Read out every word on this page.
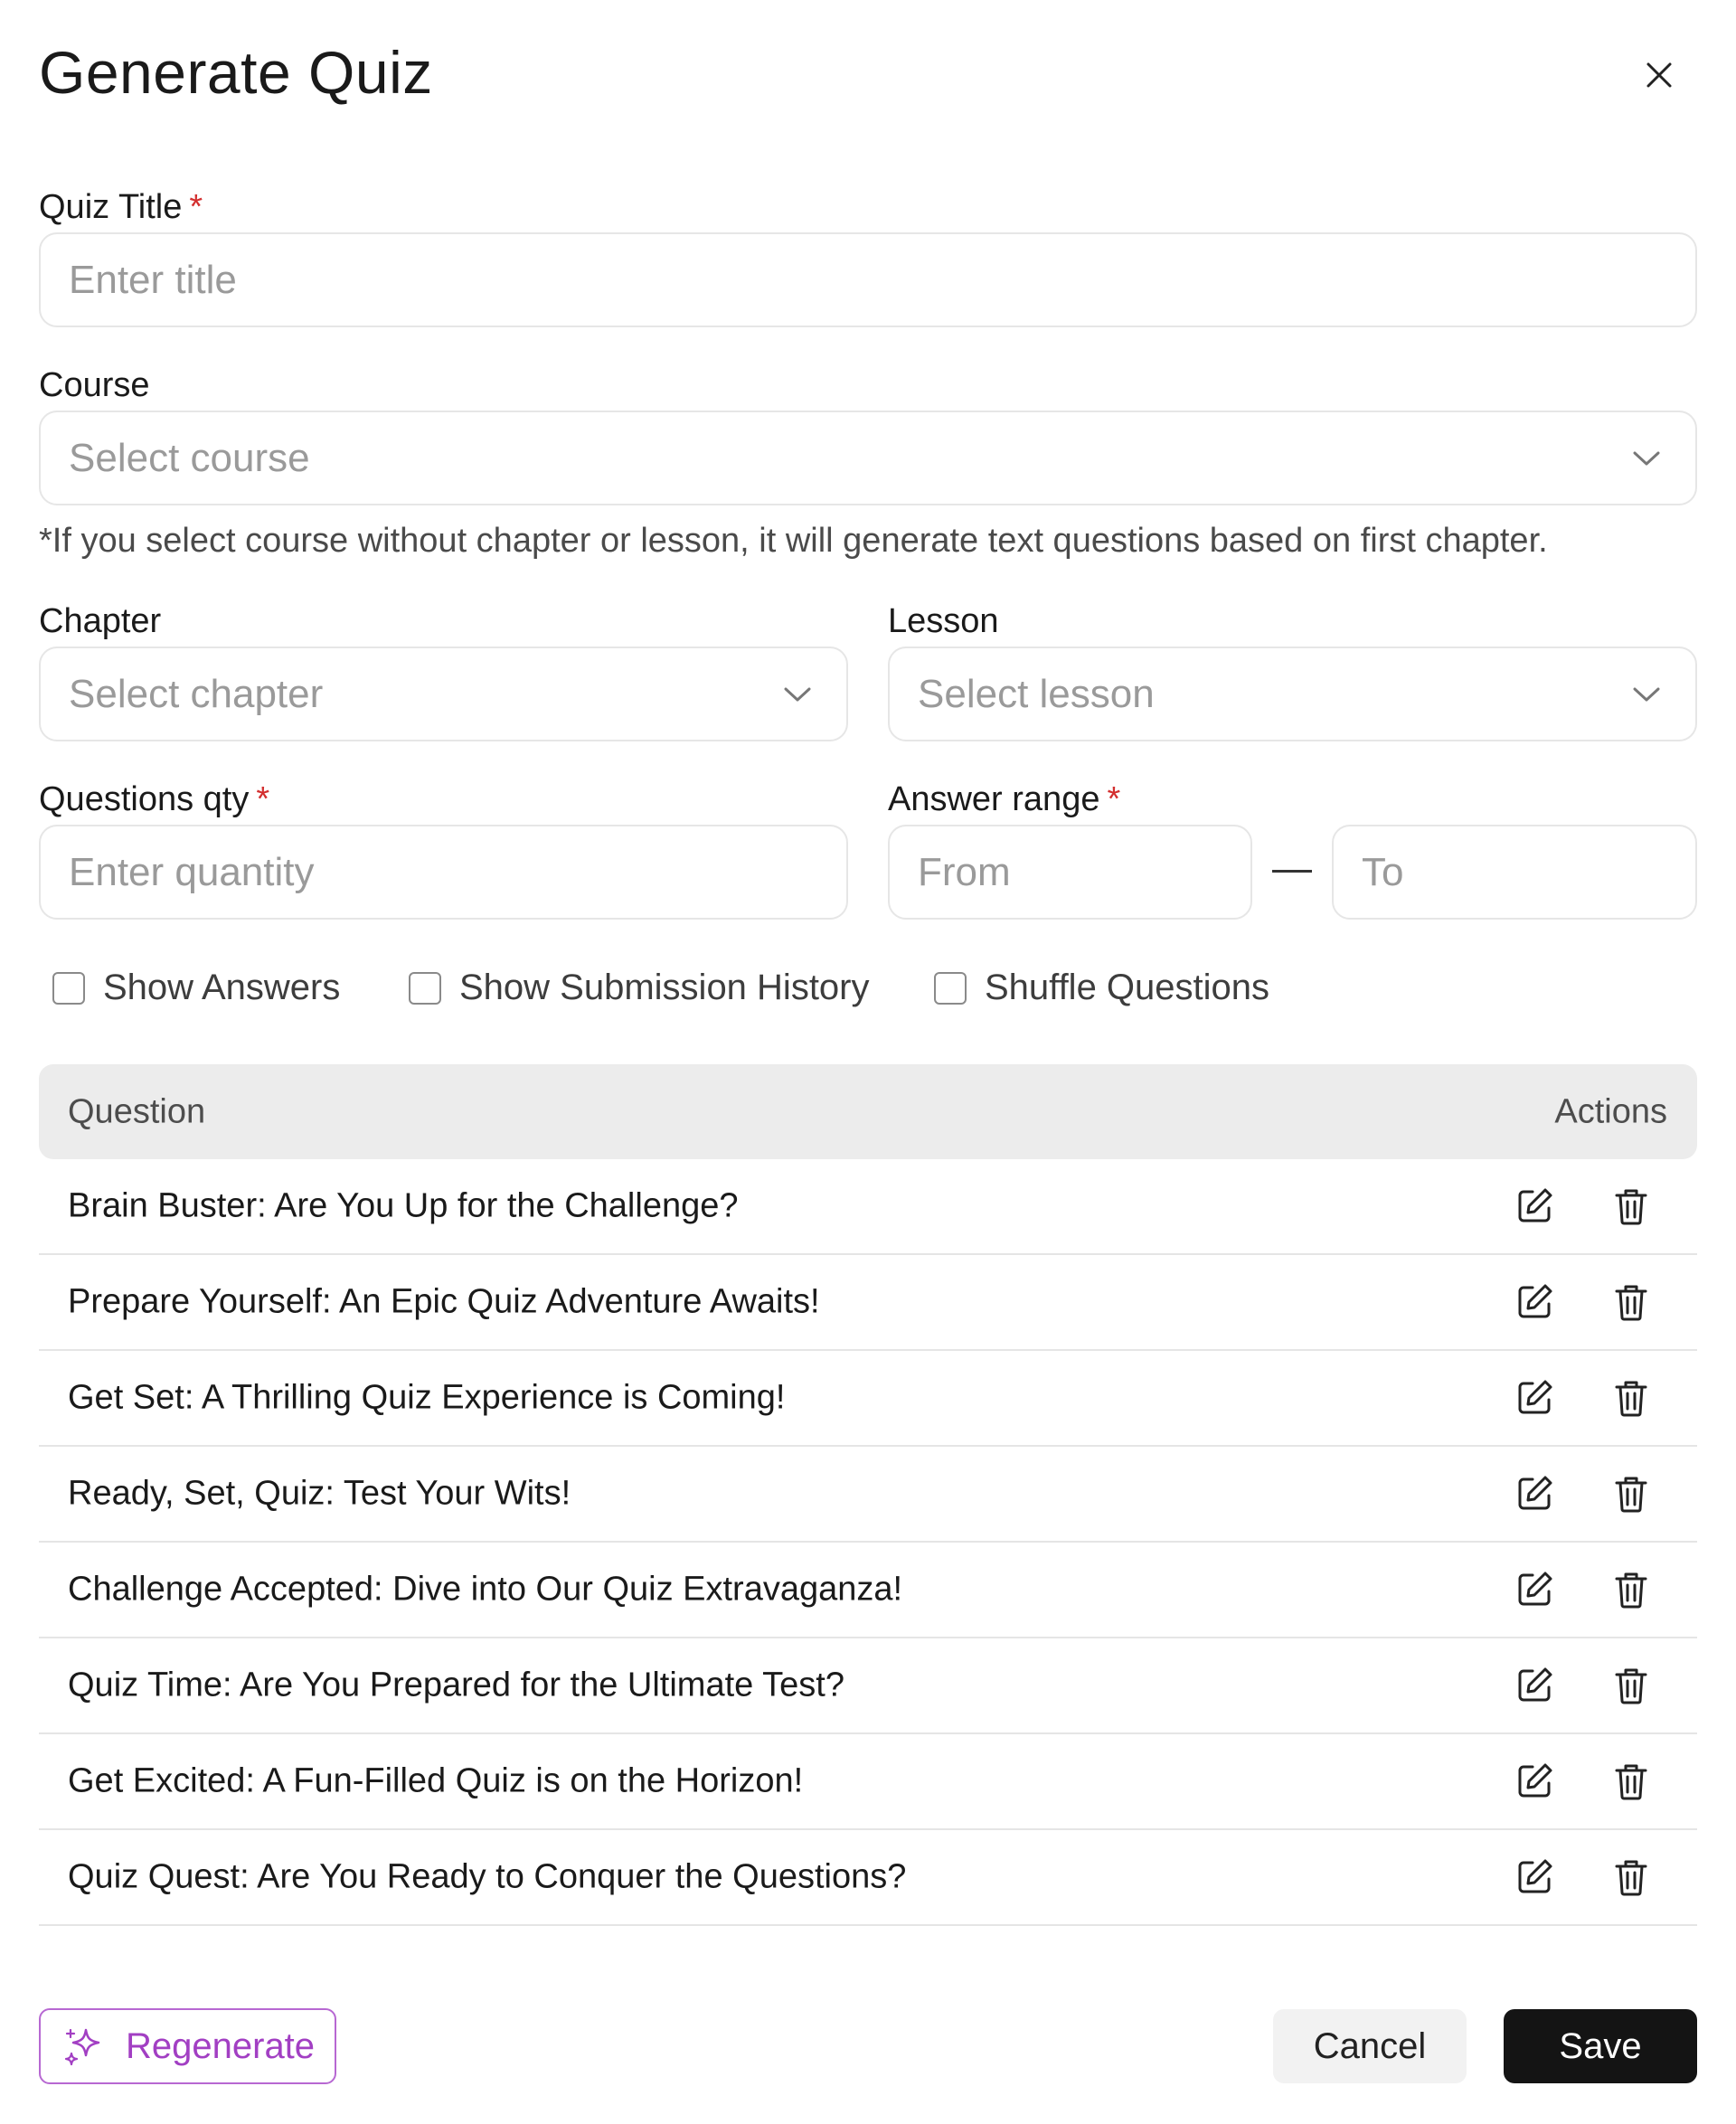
Generate Quiz
Quiz Title *
Enter title
Course
Select course
*If you select course without chapter or lesson, it will generate text questions based on first chapter.
Chapter
Select chapter
Lesson
Select lesson
Questions qty *
Enter quantity	Answer range *
From
To
Show Answers	Show Submission History	Shuffle Questions
Question	Actions
Brain Buster: Are You Up for the Challenge?
Prepare Yourself: An Epic Quiz Adventure Awaits!
Get Set: A Thrilling Quiz Experience is Coming!
Ready, Set, Quiz: Test Your Wits!
Challenge Accepted: Dive into Our Quiz Extravaganza!
Quiz Time: Are You Prepared for the Ultimate Test?
Get Excited: A Fun-Filled Quiz is on the Horizon!
Quiz Quest: Are You Ready to Conquer the Questions?
Regenerate	Cancel	Save
